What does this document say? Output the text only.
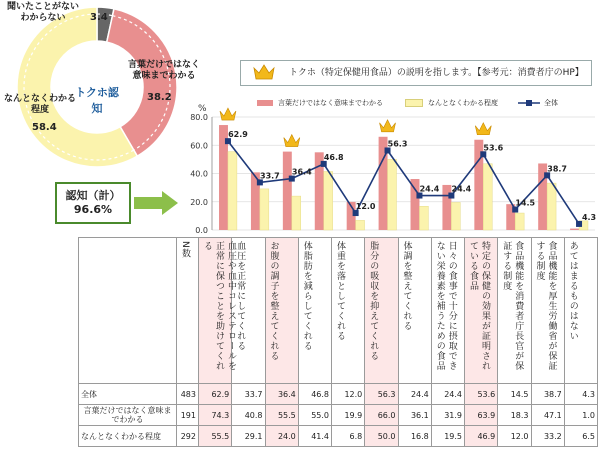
トクホ認知
聞いたことがない
わからない	3.4
言葉だけではなく
意味までわかる
38.2
なんとなくわかる
程度
58.4
認知（計）
96.6%
トクホ（特定保健用食品）の説明を指します。【参考元：消費者庁のHP】
言葉だけではなく意味までわかる	なんとなくわかる程度	全体
%
0.0
20.0
40.0
60.0
80.0
62.9
33.7 36.4
46.8
12.0
56.3
24.4 24.4
53.6
14.5
38.7
4.3

	N数	血圧や血中コレステロールを正常に保つことを助けてくれる	血圧を正常にしてくれる	お腹の調子を整えてくれる	体脂肪を減らしてくれる	体重を落としてくれる	脂分の吸収を抑えてくれる	体調を整えてくれる	日々の食事で十分に摂取できない栄養素を補うための食品	特定の保健の効果が証明されている食品	食品機能を消費者庁長官が保証する制度	食品機能を厚生労働省が保証する制度	あてはまるものはない

全体	483	62.9	33.7	36.4	46.8	12.0	56.3	24.4	24.4	53.6	14.5	38.7	4.3
言葉だけではなく意味までわかる	191	74.3	40.8	55.5	55.0	19.9	66.0	36.1	31.9	63.9	18.3	47.1	1.0
なんとなくわかる程度	292	55.5	29.1	24.0	41.4	6.8	50.0	16.8	19.5	46.9	12.0	33.2	6.5
